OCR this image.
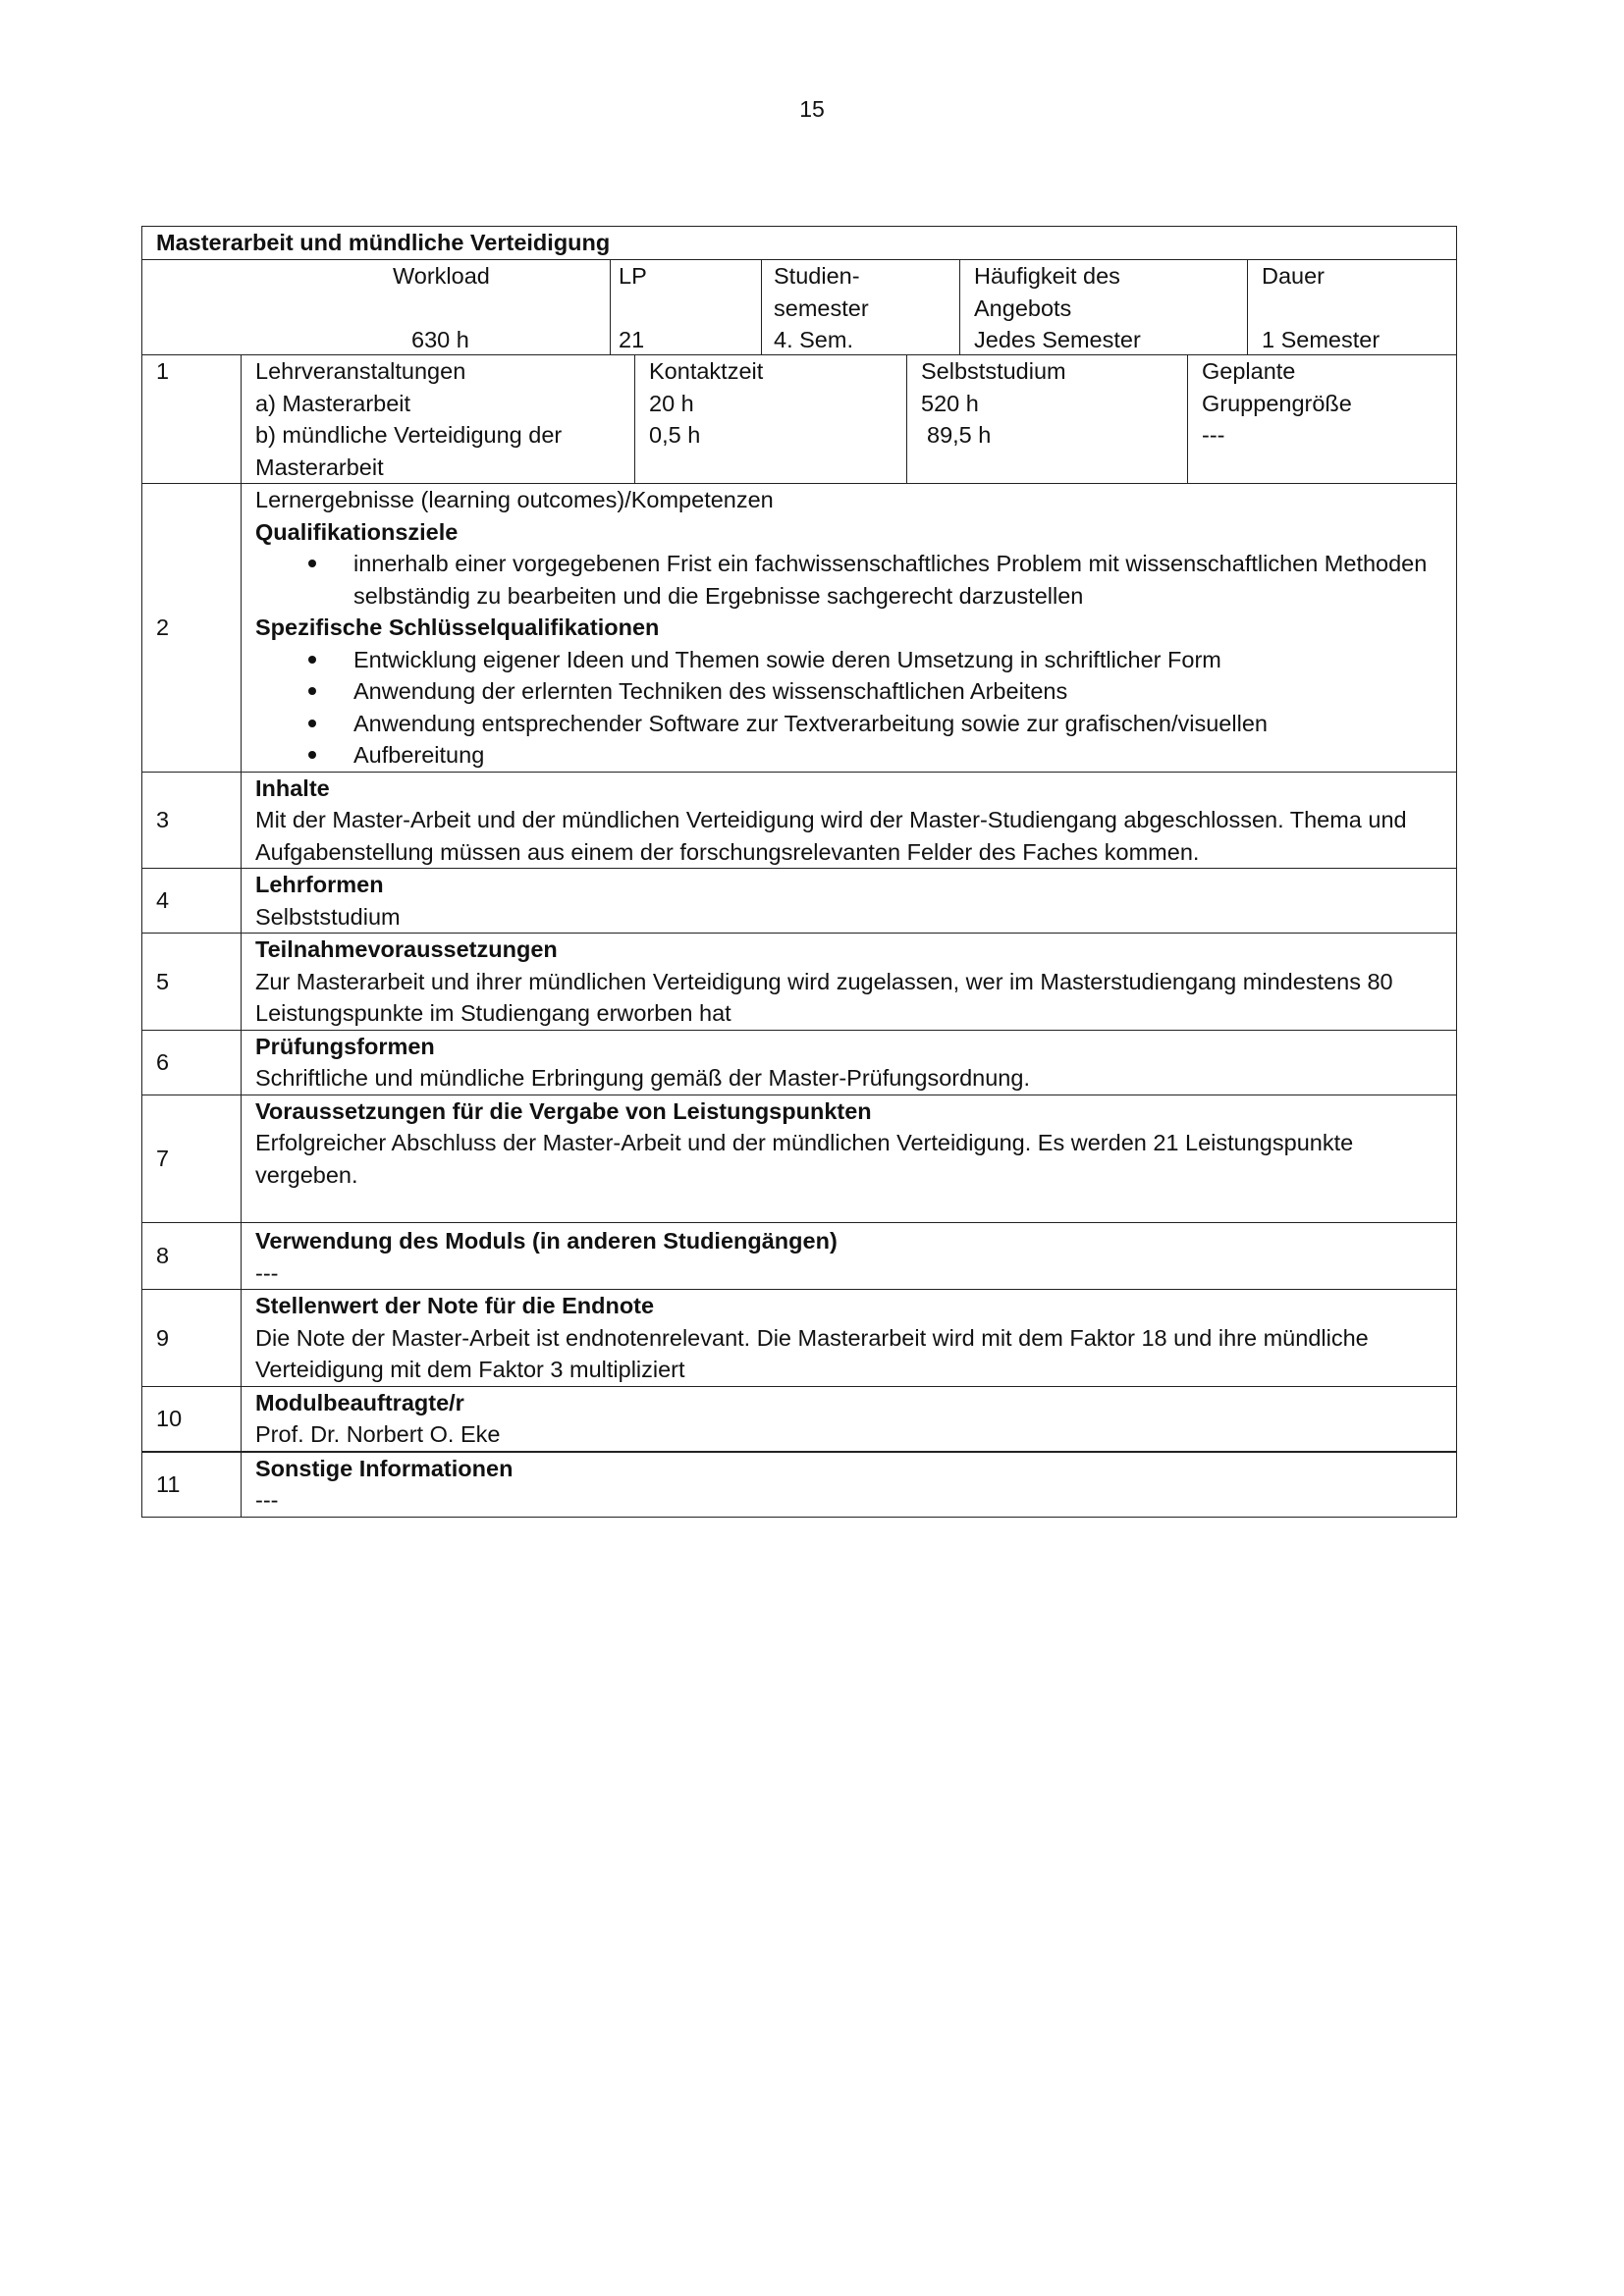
15
Masterarbeit und mündliche Verteidigung
Workload

630 h
LP

21
Studien-
semester
4. Sem.
Häufigkeit des
Angebots
Jedes Semester
Dauer

1 Semester
1	Lehrveranstaltungen
a) Masterarbeit
b) mündliche Verteidigung der
Masterarbeit
Kontaktzeit
20 h
0,5 h
Selbststudium
520 h
89,5 h
Geplante
Gruppengröße
---
2
Lernergebnisse (learning outcomes)/Kompetenzen
Qualifikationsziele
innerhalb einer vorgegebenen Frist ein fachwissenschaftliches Problem mit wissenschaftlichen Methoden selbständig zu bearbeiten und die Ergebnisse sachgerecht darzustellen
Spezifische Schlüsselqualifikationen
Entwicklung eigener Ideen und Themen sowie deren Umsetzung in schriftlicher Form
Anwendung der erlernten Techniken des wissenschaftlichen Arbeitens
Anwendung entsprechender Software zur Textverarbeitung sowie zur grafischen/visuellen
Aufbereitung
3
Inhalte
Mit der Master-Arbeit und der mündlichen Verteidigung wird der Master-Studiengang abgeschlossen. Thema und Aufgabenstellung müssen aus einem der forschungsrelevanten Felder des Faches kommen.
4
Lehrformen
Selbststudium
5
Teilnahmevoraussetzungen
Zur Masterarbeit und ihrer mündlichen Verteidigung wird zugelassen, wer im Masterstudiengang mindestens 80 Leistungspunkte im Studiengang erworben hat
6
Prüfungsformen
Schriftliche und mündliche Erbringung gemäß der Master-Prüfungsordnung.
7
Voraussetzungen für die Vergabe von Leistungspunkten
Erfolgreicher Abschluss der Master-Arbeit und der mündlichen Verteidigung. Es werden 21 Leistungspunkte vergeben.
8
Verwendung des Moduls (in anderen Studiengängen)
---
9
Stellenwert der Note für die Endnote
Die Note der Master-Arbeit ist endnotenrelevant. Die Masterarbeit wird mit dem Faktor 18 und ihre mündliche Verteidigung mit dem Faktor 3 multipliziert
10
Modulbeauftragte/r
Prof. Dr. Norbert O. Eke
11
Sonstige Informationen
---
